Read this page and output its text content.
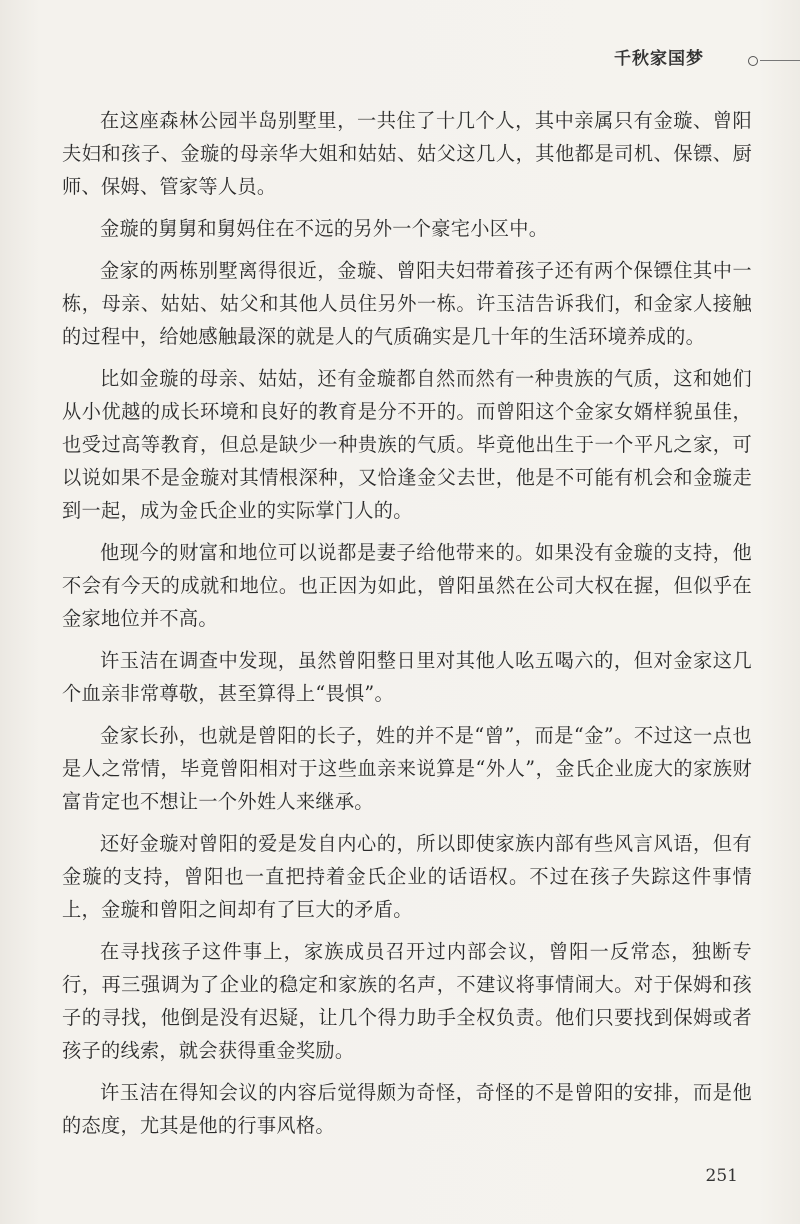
千秋家国梦

在这座森林公园半岛别墅里，一共住了十几个人，其中亲属只有金璇、曾阳夫妇和孩子、金璇的母亲华大姐和姑姑、姑父这几人，其他都是司机、保镖、厨师、保姆、管家等人员。

金璇的舅舅和舅妈住在不远的另外一个豪宅小区中。

金家的两栋别墅离得很近，金璇、曾阳夫妇带着孩子还有两个保镖住其中一栋，母亲、姑姑、姑父和其他人员住另外一栋。许玉洁告诉我们，和金家人接触的过程中，给她感触最深的就是人的气质确实是几十年的生活环境养成的。

比如金璇的母亲、姑姑，还有金璇都自然而然有一种贵族的气质，这和她们从小优越的成长环境和良好的教育是分不开的。而曾阳这个金家女婿样貌虽佳，也受过高等教育，但总是缺少一种贵族的气质。毕竟他出生于一个平凡之家，可以说如果不是金璇对其情根深种，又恰逢金父去世，他是不可能有机会和金璇走到一起，成为金氏企业的实际掌门人的。

他现今的财富和地位可以说都是妻子给他带来的。如果没有金璇的支持，他不会有今天的成就和地位。也正因为如此，曾阳虽然在公司大权在握，但似乎在金家地位并不高。

许玉洁在调查中发现，虽然曾阳整日里对其他人吆五喝六的，但对金家这几个血亲非常尊敬，甚至算得上“畏惧”。

金家长孙，也就是曾阳的长子，姓的并不是“曾”，而是“金”。不过这一点也是人之常情，毕竟曾阳相对于这些血亲来说算是“外人”，金氏企业庞大的家族财富肯定也不想让一个外姓人来继承。

还好金璇对曾阳的爱是发自内心的，所以即使家族内部有些风言风语，但有金璇的支持，曾阳也一直把持着金氏企业的话语权。不过在孩子失踪这件事情上，金璇和曾阳之间却有了巨大的矛盾。

在寻找孩子这件事上，家族成员召开过内部会议，曾阳一反常态，独断专行，再三强调为了企业的稳定和家族的名声，不建议将事情闹大。对于保姆和孩子的寻找，他倒是没有迟疑，让几个得力助手全权负责。他们只要找到保姆或者孩子的线索，就会获得重金奖励。

许玉洁在得知会议的内容后觉得颇为奇怪，奇怪的不是曾阳的安排，而是他的态度，尤其是他的行事风格。

251
